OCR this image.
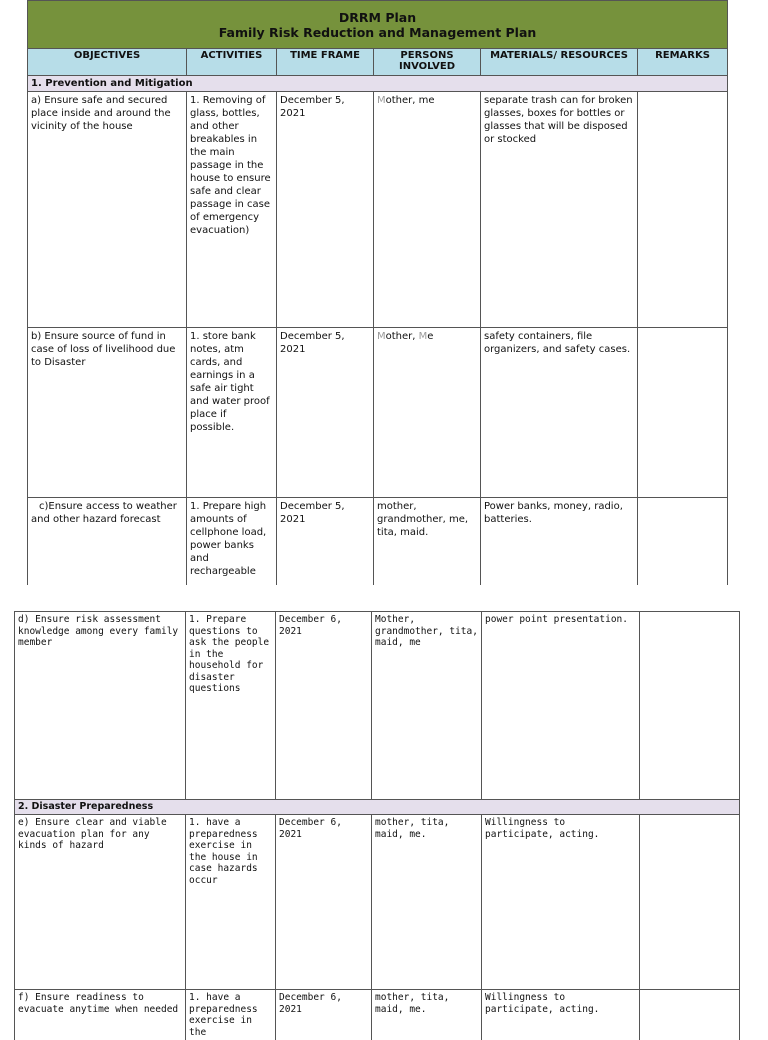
DRRM Plan
Family Risk Reduction and Management Plan					

OBJECTIVES	ACTIVITIES	TIME FRAME	PERSONS INVOLVED	MATERIALS/ RESOURCES	REMARKS
1. Prevention and Mitigation					
a) Ensure safe and secured place inside and around the vicinity of the house	1. Removing of glass, bottles, and other breakables in the main passage in the house to ensure safe and clear passage in case of emergency evacuation)	December 5, 2021	Mother, me	separate trash can for broken glasses, boxes for bottles or glasses that will be disposed or stocked	
b) Ensure source of fund in case of loss of livelihood due to Disaster	1. store bank notes, atm cards, and earnings in a safe air tight and water proof place if possible.	December 5, 2021	Mother, Me	safety containers, file organizers, and safety cases.	
c)Ensure access to weather and other hazard forecast	1. Prepare high amounts of cellphone load, power banks and rechargeable	December 5, 2021	mother, grandmother, me, tita, maid.	Power banks, money, radio, batteries.	
d) Ensure risk assessment knowledge among every family member	1. Prepare questions to ask the people in the household for disaster questions	December 6, 2021	Mother, grandmother, tita, maid, me	power point presentation.	
2. Disaster Preparedness					
e) Ensure clear and viable evacuation plan for any kinds of hazard	1. have a preparedness exercise in the house in case hazards occur	December 6, 2021	mother, tita, maid, me.	Willingness to participate, acting.	
f) Ensure readiness to evacuate anytime when needed	1. have a preparedness exercise in the	December 6, 2021	mother, tita, maid, me.	Willingness to participate, acting.	
